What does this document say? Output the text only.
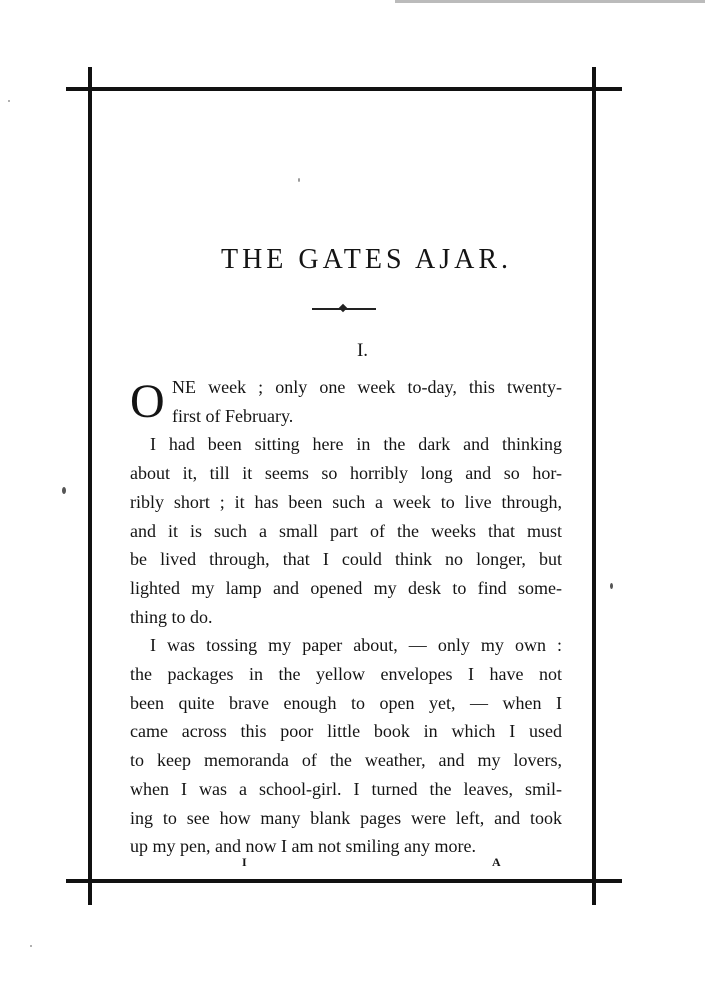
THE GATES AJAR.
I.
O NE week ; only one week to-day, this twenty-
first of February.
I had been sitting here in the dark and thinking
about it, till it seems so horribly long and so hor-
ribly short ; it has been such a week to live through,
and it is such a small part of the weeks that must
be lived through, that I could think no longer, but
lighted my lamp and opened my desk to find some-
thing to do.
I was tossing my paper about, — only my own :
the packages in the yellow envelopes I have not
been quite brave enough to open yet, — when I
came across this poor little book in which I used
to keep memoranda of the weather, and my lovers,
when I was a school-girl. I turned the leaves, smil-
ing to see how many blank pages were left, and took
up my pen, and now I am not smiling any more.
I	A
